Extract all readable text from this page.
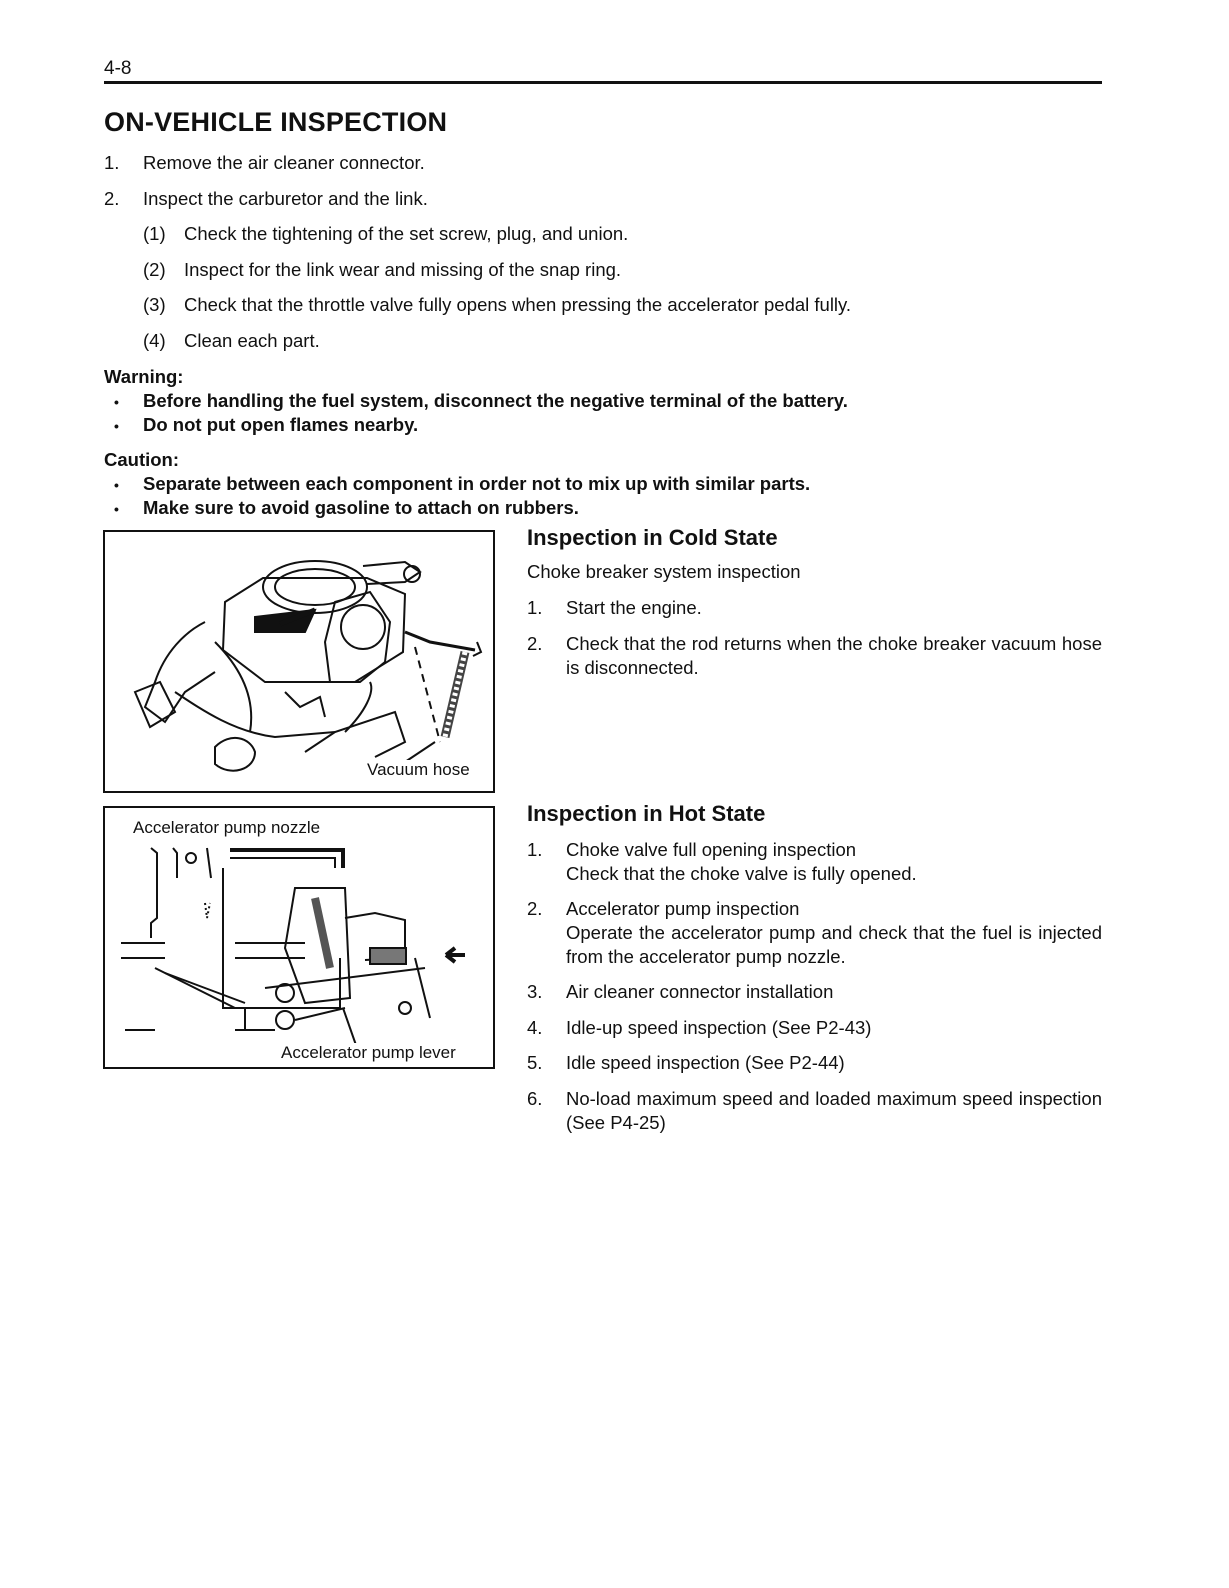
4-8
ON-VEHICLE INSPECTION
1. Remove the air cleaner connector.
2. Inspect the carburetor and the link.
(1) Check the tightening of the set screw, plug, and union.
(2) Inspect for the link wear and missing of the snap ring.
(3) Check that the throttle valve fully opens when pressing the accelerator pedal fully.
(4) Clean each part.
Warning:
• Before handling the fuel system, disconnect the negative terminal of the battery.
• Do not put open flames nearby.
Caution:
• Separate between each component in order not to mix up with similar parts.
• Make sure to avoid gasoline to attach on rubbers.
Vacuum hose
Accelerator pump nozzle
Accelerator pump lever
Inspection in Cold State
Choke breaker system inspection
1. Start the engine.
2. Check that the rod returns when the choke breaker vacuum hose is disconnected.
Inspection in Hot State
1. Choke valve full opening inspection
Check that the choke valve is fully opened.
2. Accelerator pump inspection
Operate the accelerator pump and check that the fuel is injected from the accelerator pump nozzle.
3. Air cleaner connector installation
4. Idle-up speed inspection (See P2-43)
5. Idle speed inspection (See P2-44)
6. No-load maximum speed and loaded maximum speed inspection (See P4-25)
